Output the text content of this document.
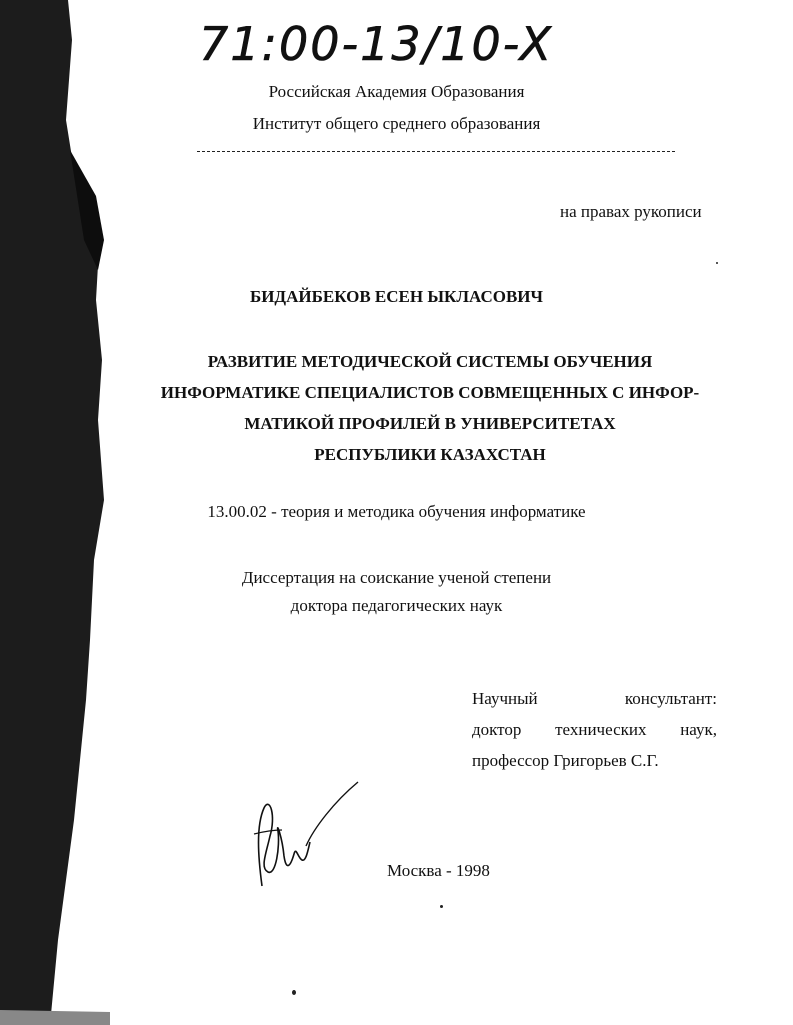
71:00-13/10-X
Российская Академия Образования
Институт общего среднего образования
на правах рукописи
БИДАЙБЕКОВ ЕСЕН ЫКЛАСОВИЧ
РАЗВИТИЕ МЕТОДИЧЕСКОЙ СИСТЕМЫ ОБУЧЕНИЯ
ИНФОРМАТИКЕ СПЕЦИАЛИСТОВ СОВМЕЩЕННЫХ С ИНФОР-
МАТИКОЙ ПРОФИЛЕЙ В УНИВЕРСИТЕТАХ
РЕСПУБЛИКИ КАЗАХСТАН
13.00.02 - теория и методика обучения информатике
Диссертация на соискание ученой степени
доктора педагогических наук
Научный	консультант:
доктор технических наук,
профессор Григорьев С.Г.
Москва - 1998
